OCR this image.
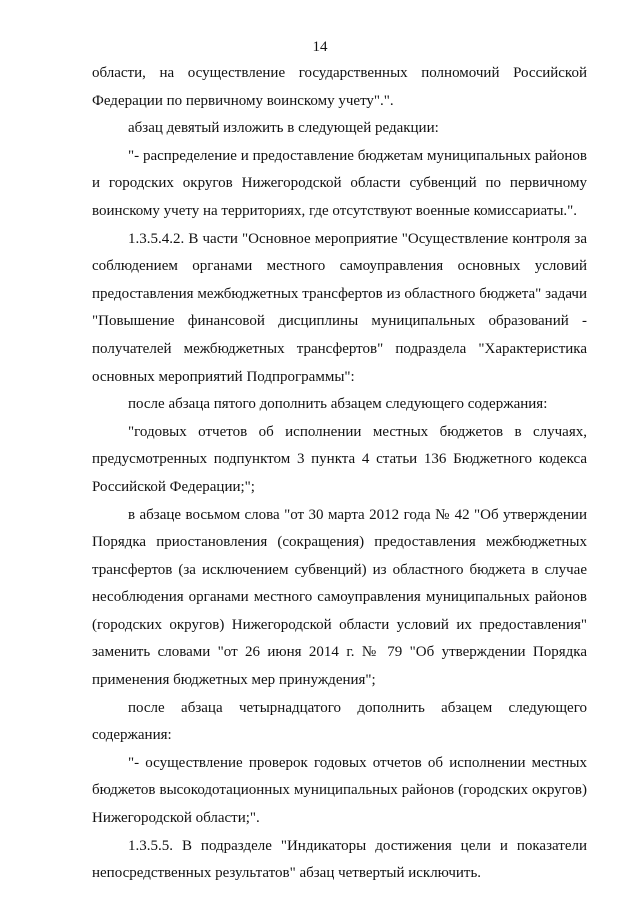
14

области, на осуществление государственных полномочий Российской Федерации по первичному воинскому учету".".

абзац девятый изложить в следующей редакции:

"- распределение и предоставление бюджетам муниципальных районов и городских округов Нижегородской области субвенций по первичному воинскому учету на территориях, где отсутствуют военные комиссариаты.".

1.3.5.4.2. В части "Основное мероприятие "Осуществление контроля за соблюдением органами местного самоуправления основных условий предоставления межбюджетных трансфертов из областного бюджета" задачи "Повышение финансовой дисциплины муниципальных образований - получателей межбюджетных трансфертов" подраздела "Характеристика основных мероприятий Подпрограммы":

после абзаца пятого дополнить абзацем следующего содержания:

"годовых отчетов об исполнении местных бюджетов в случаях, предусмотренных подпунктом 3 пункта 4 статьи 136 Бюджетного кодекса Российской Федерации;";

в абзаце восьмом слова "от 30 марта 2012 года № 42 "Об утверждении Порядка приостановления (сокращения) предоставления межбюджетных трансфертов (за исключением субвенций) из областного бюджета в случае несоблюдения органами местного самоуправления муниципальных районов (городских округов) Нижегородской области условий их предоставления" заменить словами "от 26 июня 2014 г. № 79 "Об утверждении Порядка применения бюджетных мер принуждения";

после абзаца четырнадцатого дополнить абзацем следующего содержания:

"- осуществление проверок годовых отчетов об исполнении местных бюджетов высокодотационных муниципальных районов (городских округов) Нижегородской области;".

1.3.5.5. В подразделе "Индикаторы достижения цели и показатели непосредственных результатов" абзац четвертый исключить.
